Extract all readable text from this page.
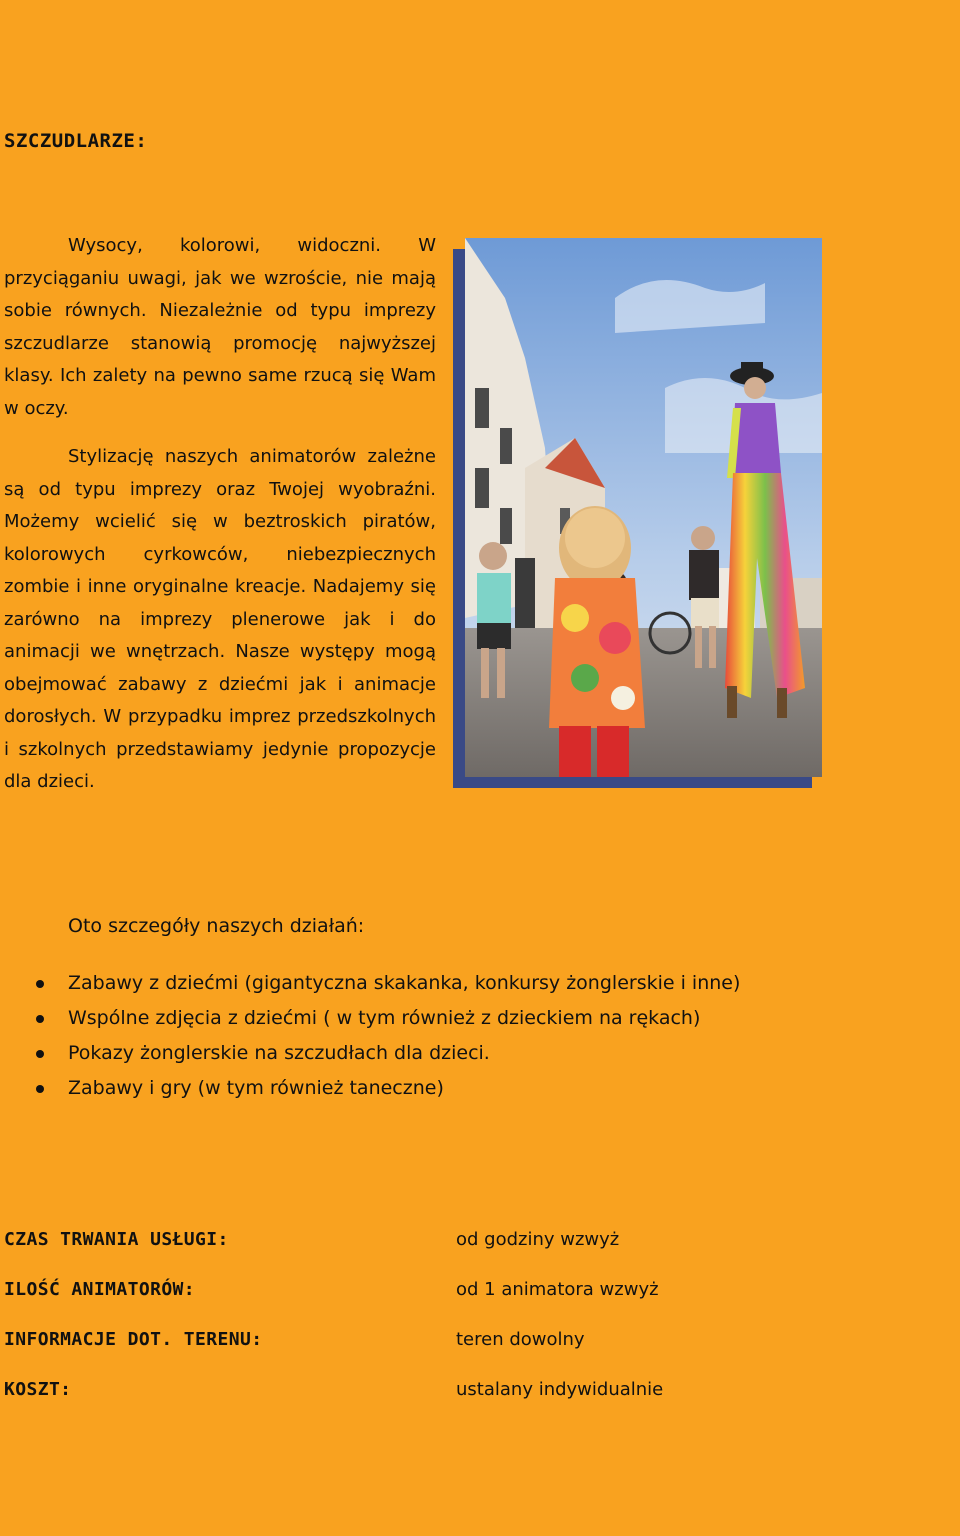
SZCZUDLARZE:

Wysocy, kolorowi, widoczni. W przyciąganiu uwagi, jak we wzroście, nie mają sobie równych. Niezależnie od typu imprezy szczudlarze stanowią promocję najwyższej klasy. Ich zalety na pewno same rzucą się Wam w oczy.

Stylizację naszych animatorów zależne są od typu imprezy oraz Twojej wyobraźni. Możemy wcielić się w beztroskich piratów, kolorowych cyrkowców, niebezpiecznych zombie i inne oryginalne kreacje. Nadajemy się zarówno na imprezy plenerowe jak i do animacji we wnętrzach. Nasze występy mogą obejmować zabawy z dziećmi jak i animacje dorosłych. W przypadku imprez przedszkolnych i szkolnych przedstawiamy jedynie propozycje dla dzieci.

Oto szczegóły naszych działań:
Zabawy z dziećmi (gigantyczna skakanka, konkursy żonglerskie i inne)
Wspólne zdjęcia z dziećmi ( w tym również z dzieckiem na rękach)
Pokazy żonglerskie na szczudłach dla dzieci.
Zabawy i gry (w tym również taneczne)
CZAS TRWANIA USŁUGI:	od godziny wzwyż
ILOŚĆ ANIMATORÓW:	od 1 animatora wzwyż
INFORMACJE DOT. TERENU:	teren dowolny
KOSZT:	ustalany indywidualnie
